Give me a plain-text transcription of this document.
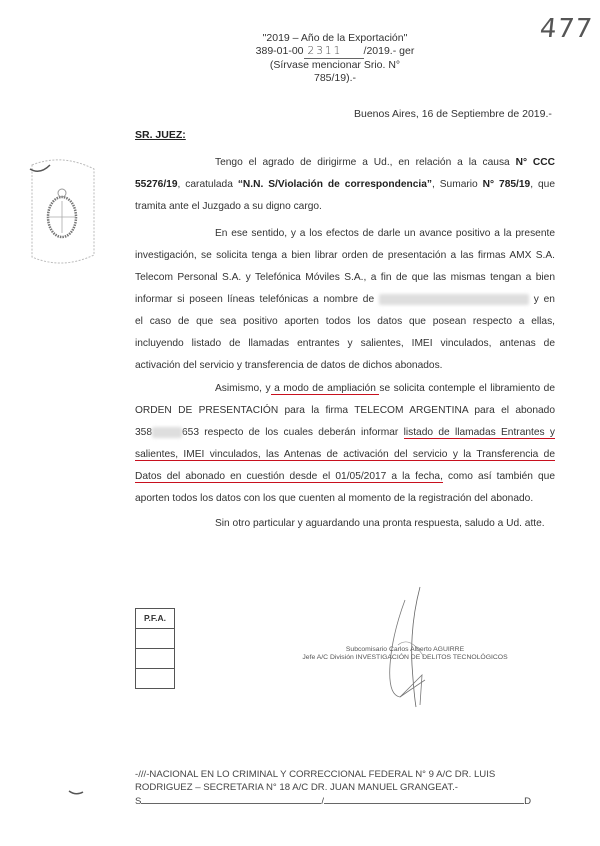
"2019 – Año de la Exportación"
389-01-00 2311 /2019.- ger
(Sírvase mencionar Srio. N° 785/19).-
477
Buenos Aires, 16 de Septiembre de 2019.-
SR. JUEZ:
Tengo el agrado de dirigirme a Ud., en relación a la causa N° CCC
55276/19, caratulada “N.N. S/Violación de correspondencia”, Sumario N° 785/19, que
tramita ante el Juzgado a su digno cargo.
En ese sentido, y a los efectos de darle un avance positivo a la presente
investigación, se solicita tenga a bien librar orden de presentación a las firmas AMX S.A.
Telecom Personal S.A. y Telefónica Móviles S.A., a fin de que las mismas tengan a bien
informar si poseen líneas telefónicas a nombre de	y en
el caso de que sea positivo aporten todos los datos que posean respecto a ellas,
incluyendo listado de llamadas entrantes y salientes, IMEI vinculados, antenas de
activación del servicio y transferencia de datos de dichos abonados.
Asimismo, y a modo de ampliación se solicita contemple el libramiento de
ORDEN DE PRESENTACIÓN para la firma TELECOM ARGENTINA para el abonado
358	653 respecto de los cuales deberán informar listado de llamadas Entrantes y
salientes, IMEI vinculados, las Antenas de activación del servicio y la Transferencia de
Datos del abonado en cuestión desde el 01/05/2017 a la fecha, como así también que
aporten todos los datos con los que cuenten al momento de la registración del abonado.
Sin otro particular y aguardando una pronta respuesta, saludo a Ud. atte.
P.F.A.
Subcomisario Carlos Alberto AGUIRRE
Jefe A/C División INVESTIGACIÓN DE DELITOS TECNOLÓGICOS
-///-NACIONAL EN LO CRIMINAL Y CORRECCIONAL FEDERAL N° 9 A/C DR. LUIS
RODRIGUEZ – SECRETARIA N° 18 A/C DR. JUAN MANUEL GRANGEAT.-
S	/	D
